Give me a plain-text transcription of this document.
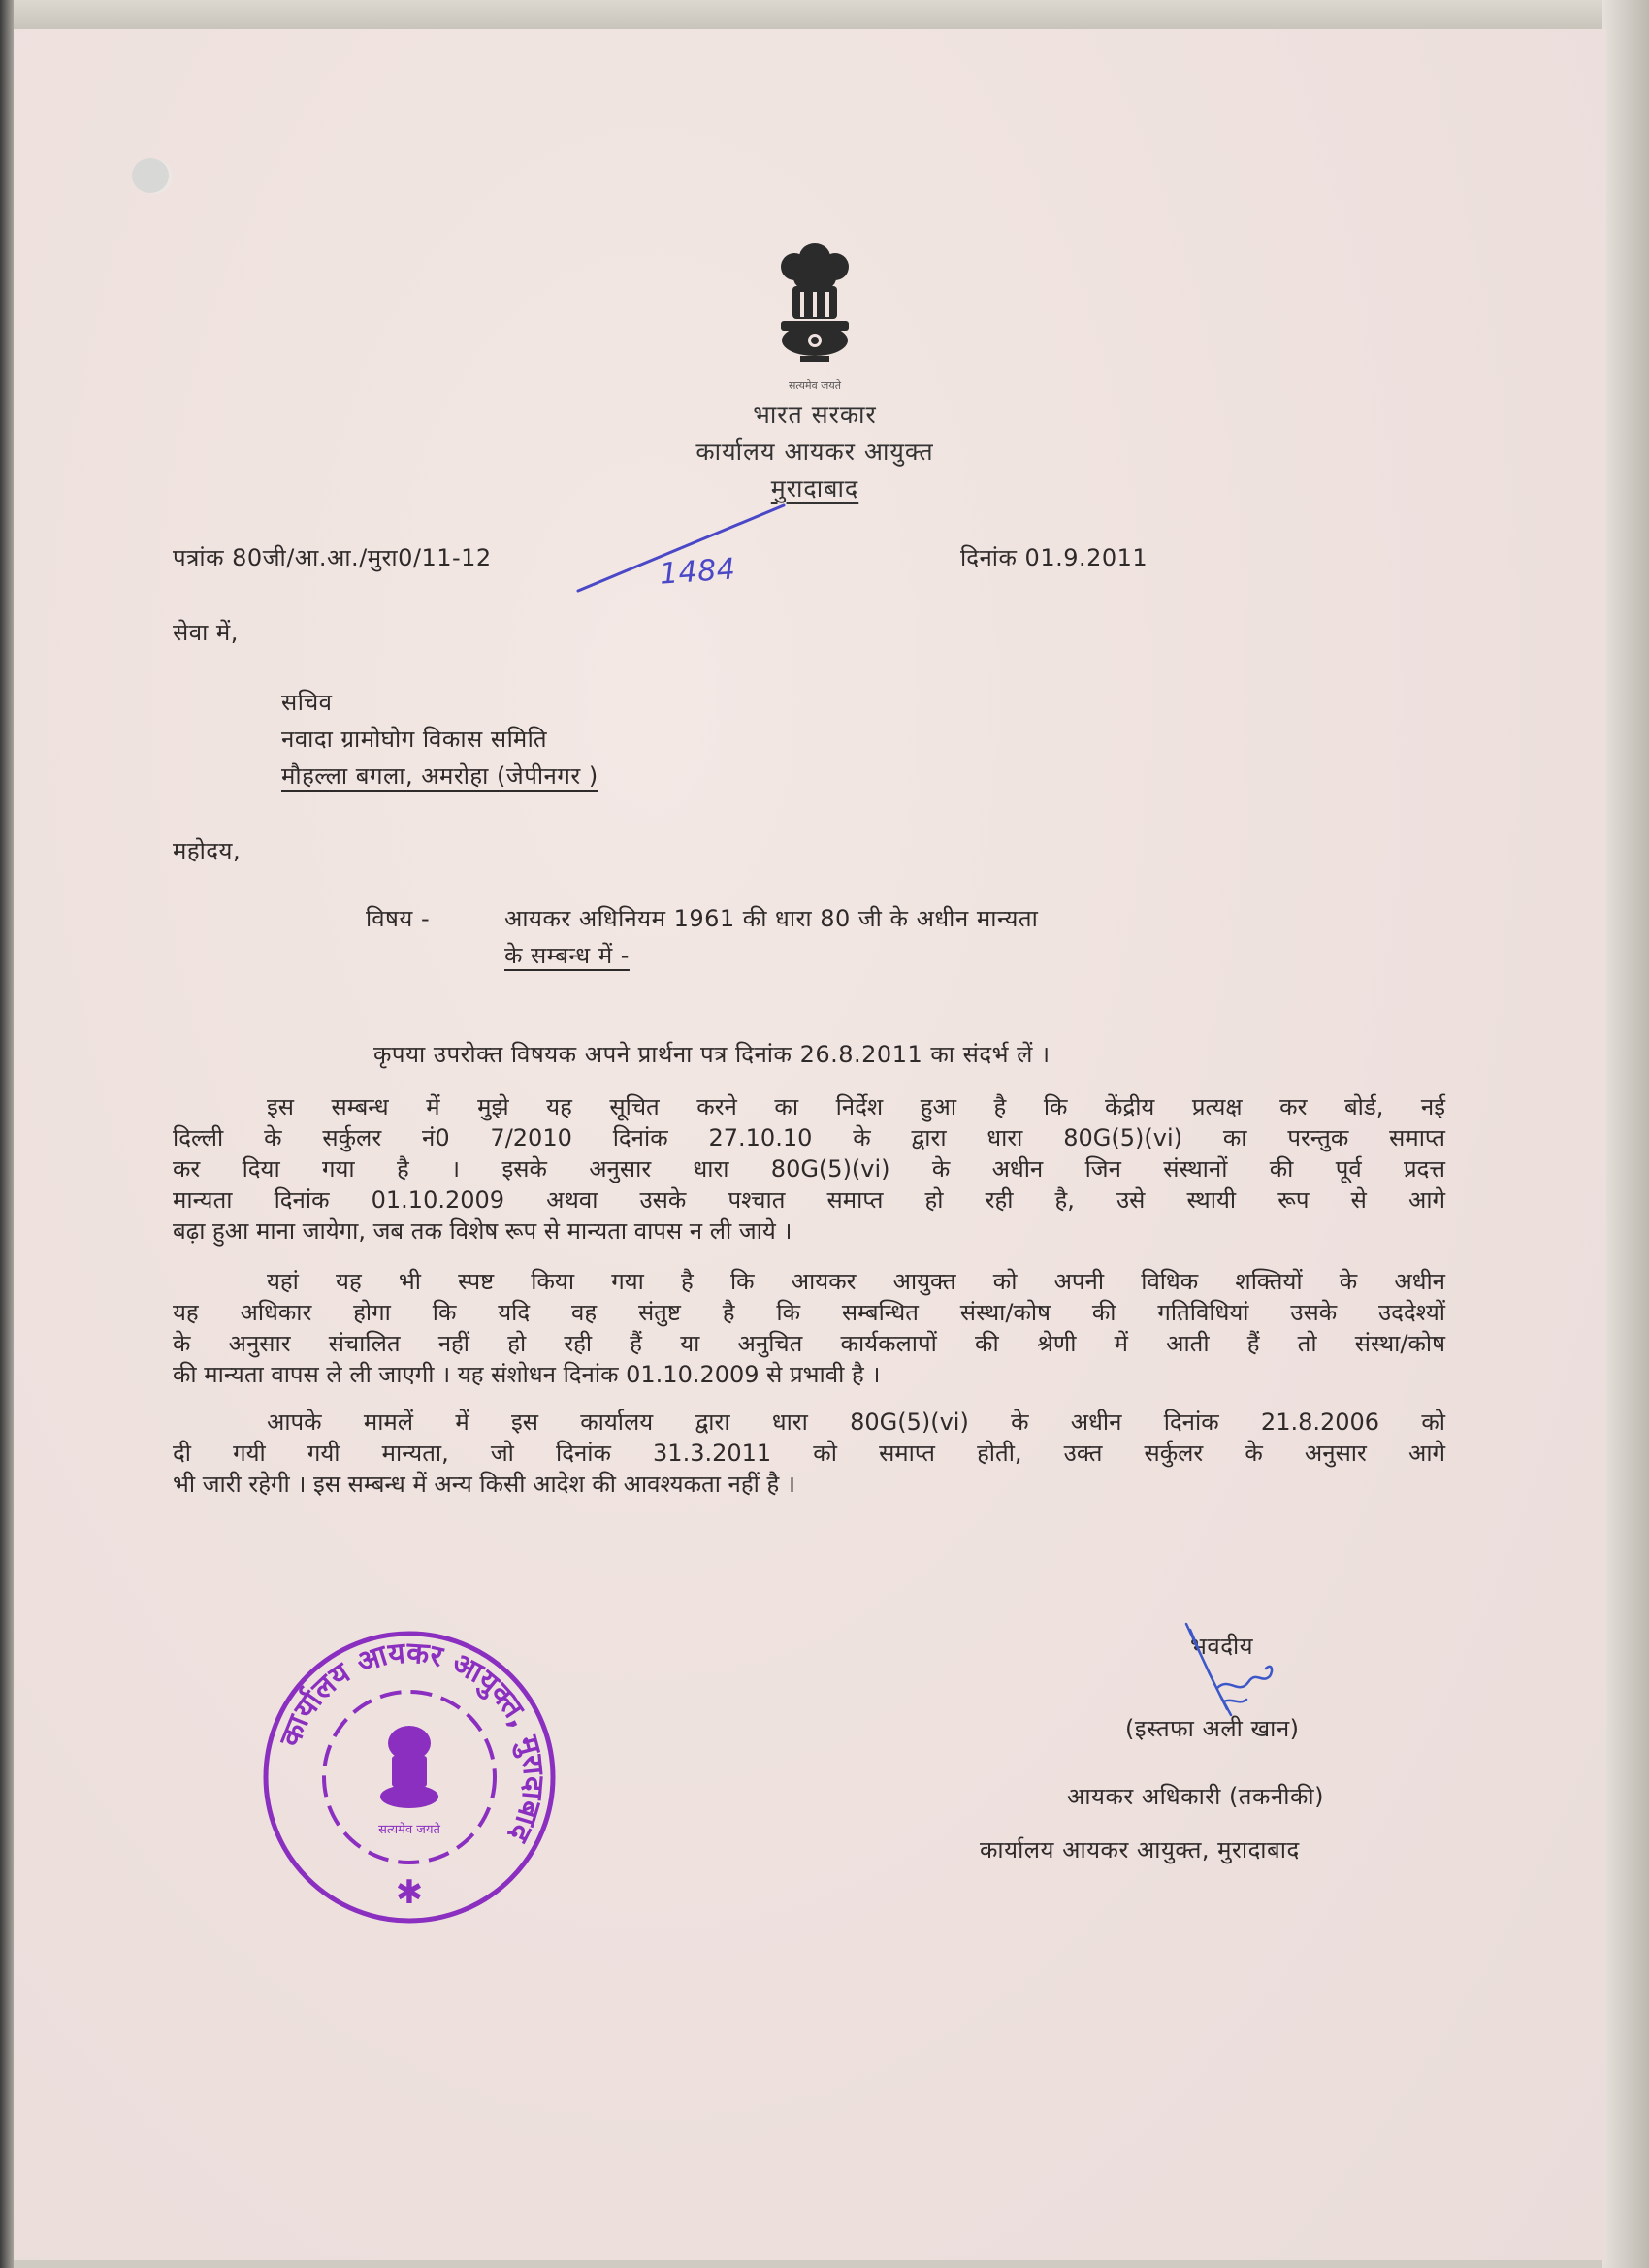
सत्यमेव जयते
भारत सरकार
कार्यालय आयकर आयुक्त
मुरादाबाद
पत्रांक 80जी/आ.आ./मुरा0/11-12	1484	दिनांक 01.9.2011
सेवा में,
सचिव
नवादा ग्रामोघोग विकास समिति
मौहल्ला बगला, अमरोहा (जेपीनगर )
महोदय,
विषय -	आयकर अधिनियम 1961 की धारा 80 जी के अधीन मान्यता
के सम्बन्ध में -
कृपया उपरोक्त विषयक अपने प्रार्थना पत्र दिनांक 26.8.2011 का संदर्भ लें ।
इस सम्बन्ध में मुझे यह सूचित करने का निर्देश हुआ है कि केंद्रीय प्रत्यक्ष कर बोर्ड, नई
दिल्ली के सर्कुलर नं0 7/2010 दिनांक 27.10.10 के द्वारा धारा 80G(5)(vi) का परन्तुक समाप्त
कर दिया गया है । इसके अनुसार धारा 80G(5)(vi) के अधीन जिन संस्थानों की पूर्व प्रदत्त
मान्यता दिनांक 01.10.2009 अथवा उसके पश्चात समाप्त हो रही है, उसे स्थायी रूप से आगे
बढ़ा हुआ माना जायेगा, जब तक विशेष रूप से मान्यता वापस न ली जाये ।
यहां यह भी स्पष्ट किया गया है कि आयकर आयुक्त को अपनी विधिक शक्तियों के अधीन
यह अधिकार होगा कि यदि वह संतुष्ट है कि सम्बन्धित संस्था/कोष की गतिविधियां उसके उददेश्यों
के अनुसार संचालित नहीं हो रही हैं या अनुचित कार्यकलापों की श्रेणी में आती हैं तो संस्था/कोष
की मान्यता वापस ले ली जाएगी । यह संशोधन दिनांक 01.10.2009 से प्रभावी है ।
आपके मामलें में इस कार्यालय द्वारा धारा 80G(5)(vi) के अधीन दिनांक 21.8.2006 को
दी गयी गयी मान्यता, जो दिनांक 31.3.2011 को समाप्त होती, उक्त सर्कुलर के अनुसार आगे
भी जारी रहेगी । इस सम्बन्ध में अन्य किसी आदेश की आवश्यकता नहीं है ।
कार्यालय आयकर आयुक्त, मुरादाबाद
सत्यमेव जयते
✱
भवदीय
(इस्तफा अली खान)
आयकर अधिकारी (तकनीकी)
कार्यालय आयकर आयुक्त, मुरादाबाद
